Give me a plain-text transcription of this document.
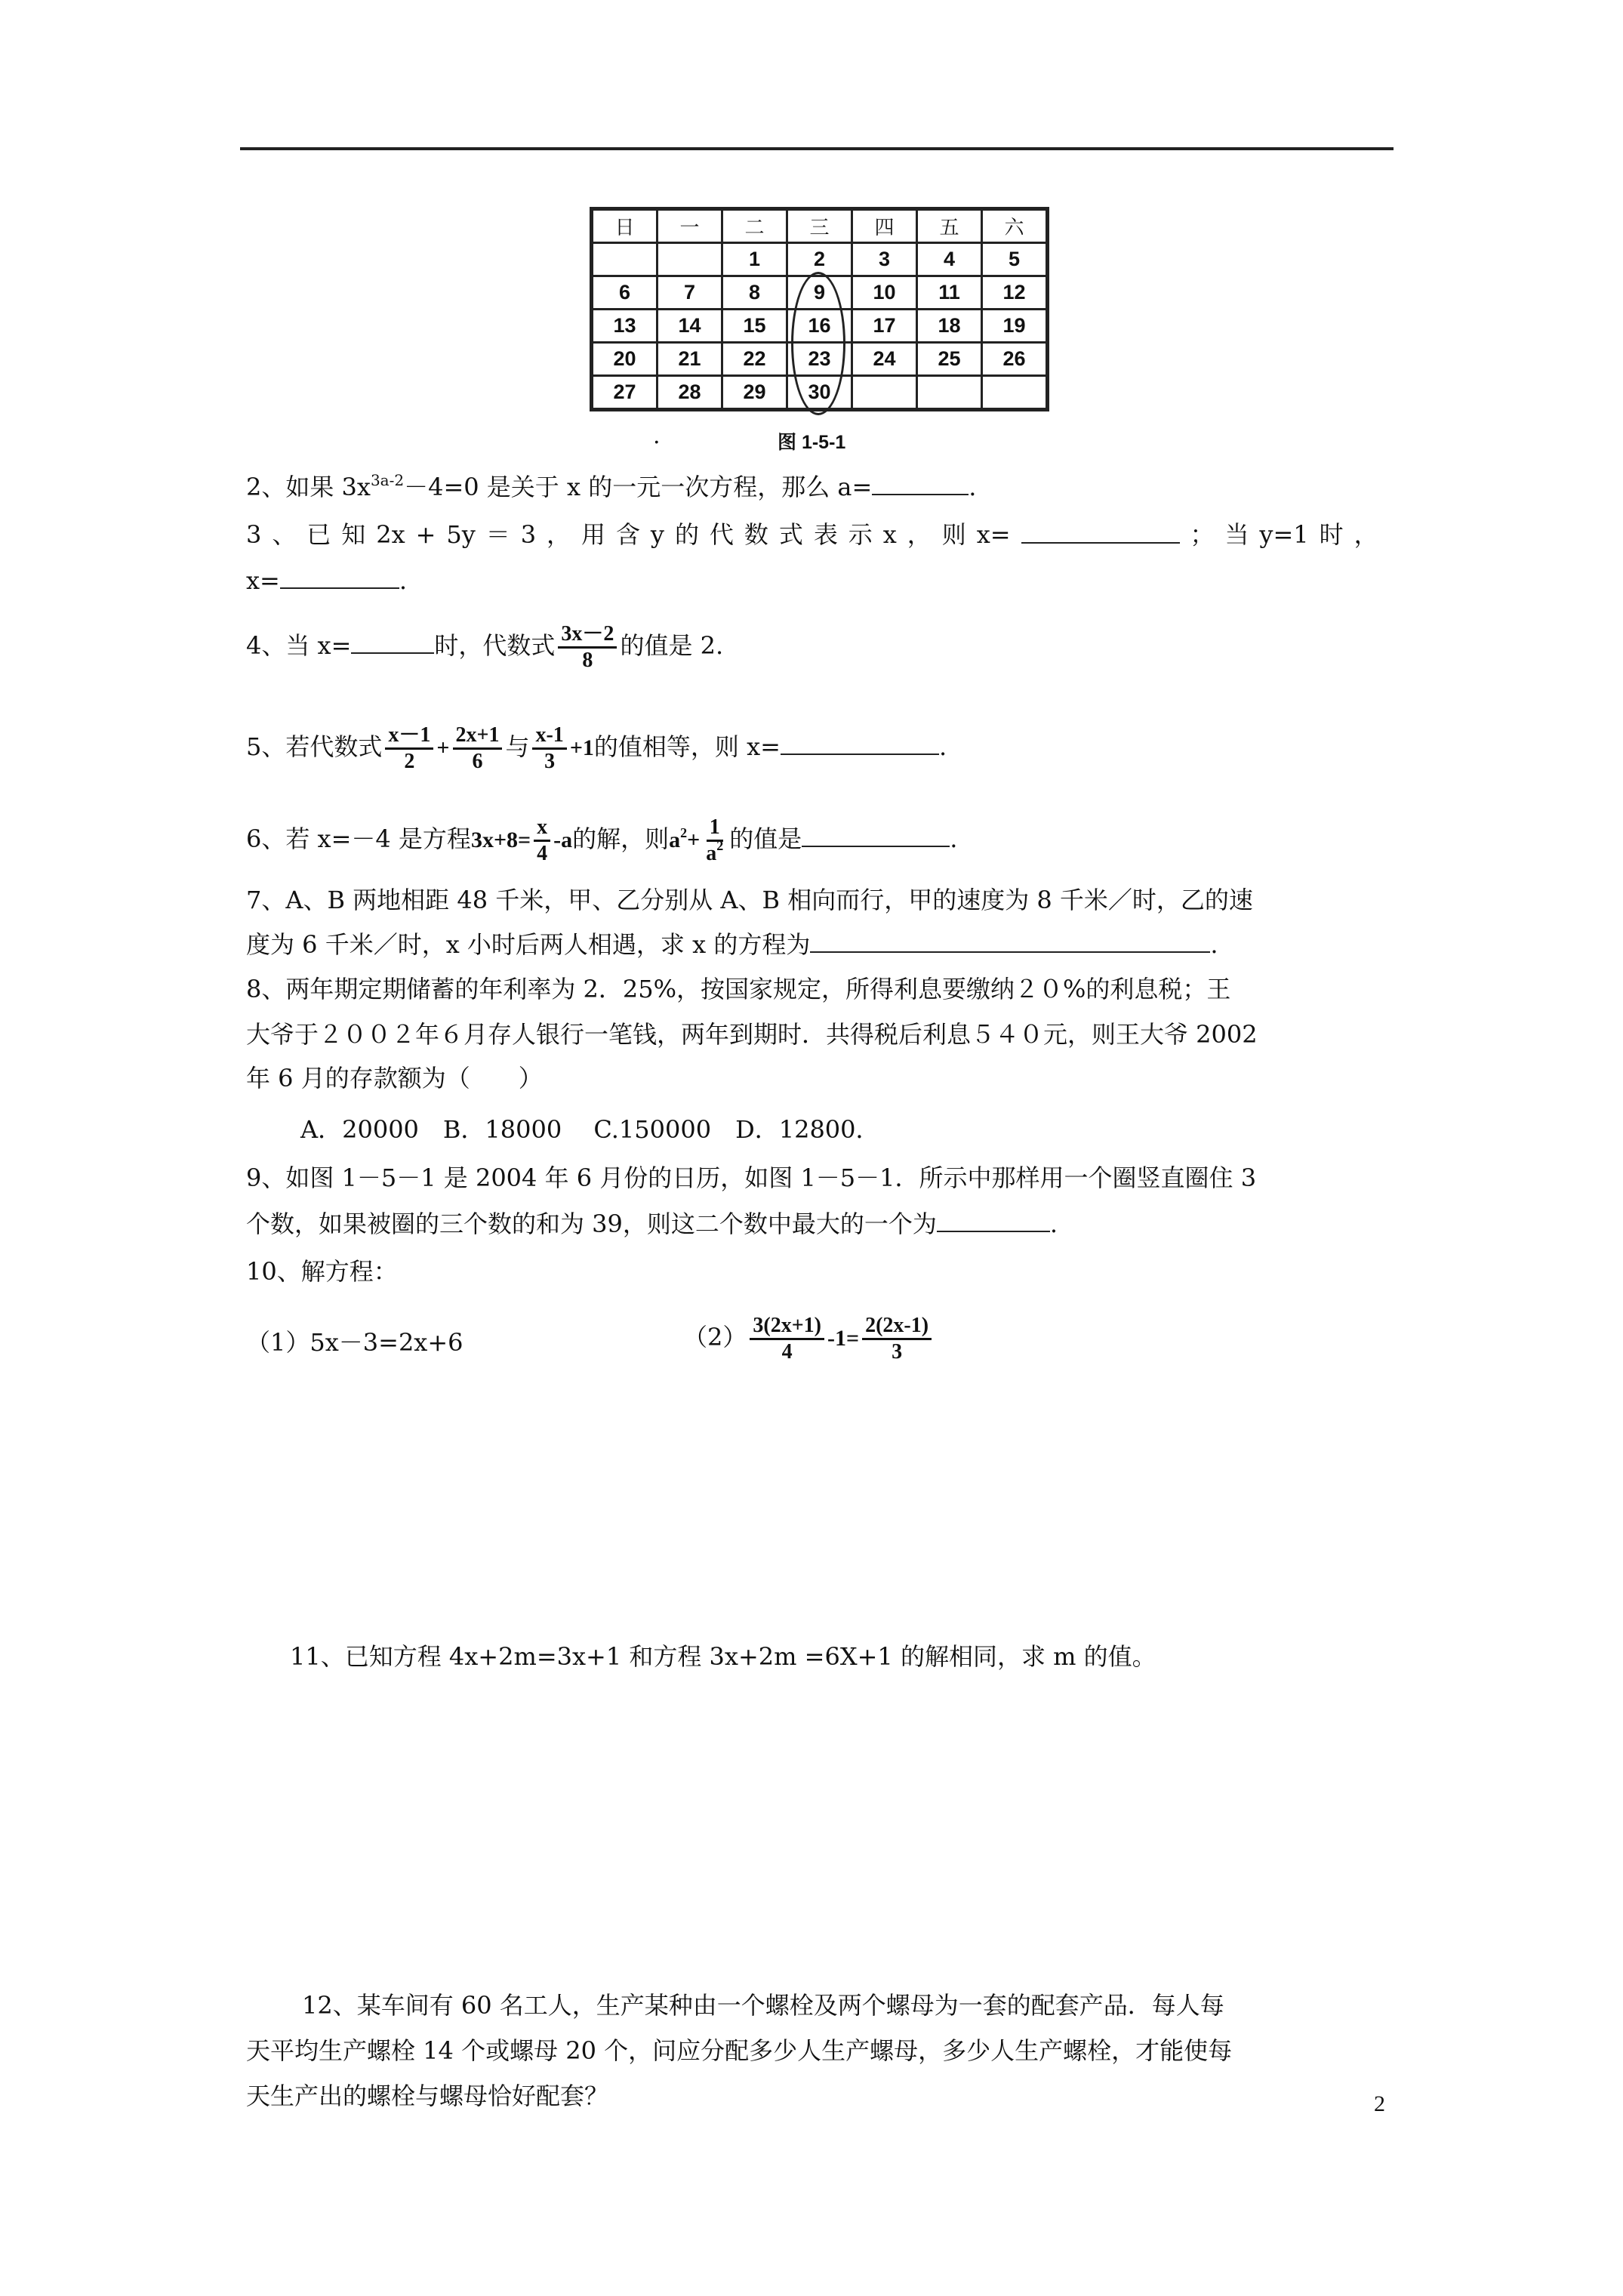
日	一	二	三	四	五	六
		1	2	3	4	5
6	7	8	9	10	11	12
13	14	15	16	17	18	19
20	21	22	23	24	25	26
27	28	29	30			
.	图 1-5-1
2、如果 $3x^{3a-2}-4=0$ 是关于 x 的一元一次方程，那么 a=	.
3 、 已 知 2x + 5y ＝ 3 ， 用 含 y 的 代 数 式 表 示 x ， 则 x=	； 当 y=1 时 ，
x=	.
4、当 x=	时，代数式 $\frac{3x-2}{8}$ 的值是 2.
5、若代数式 $\frac{x-1}{2} + \frac{2x+1}{6}$ 与 $\frac{x-1}{3} +1$的值相等，则 x=	.
6、若 x=－4 是方程$3x+8= \frac{x}{4} -a$的解，则$a^2+ \frac{1}{a^2}$ 的值是	.
7、A、B 两地相距 48 千米，甲、乙分别从 A、B 相向而行，甲的速度为 8 千米／时，乙的速
度为 6 千米／时，x 小时后两人相遇，求 x 的方程为	.
8、两年期定期储蓄的年利率为 2．25%，按国家规定，所得利息要缴纳２０%的利息税；王
大爷于２００２年６月存人银行一笔钱，两年到期时．共得税后利息５４０元，则王大爷 2002
年 6 月的存款额为（　　）
A．20000　B．18000　 C.150000　D．12800．
9、如图 1－5－1 是 2004 年 6 月份的日历，如图 1－5－1．所示中那样用一个圈竖直圈住 3
个数，如果被圈的三个数的和为 39，则这二个数中最大的一个为	.
10、解方程：
（1）5x－3=2x+6	$(2) \frac{3(2x+1)}{4} -1= \frac{2(2x-1)}{3}$
11、已知方程 4x+2m=3x+1 和方程 3x+2m =6X+1 的解相同，求 m 的值。
12、某车间有 60 名工人，生产某种由一个螺栓及两个螺母为一套的配套产品．每人每
天平均生产螺栓 14 个或螺母 20 个，问应分配多少人生产螺母，多少人生产螺栓，才能使每
天生产出的螺栓与螺母恰好配套？	2
